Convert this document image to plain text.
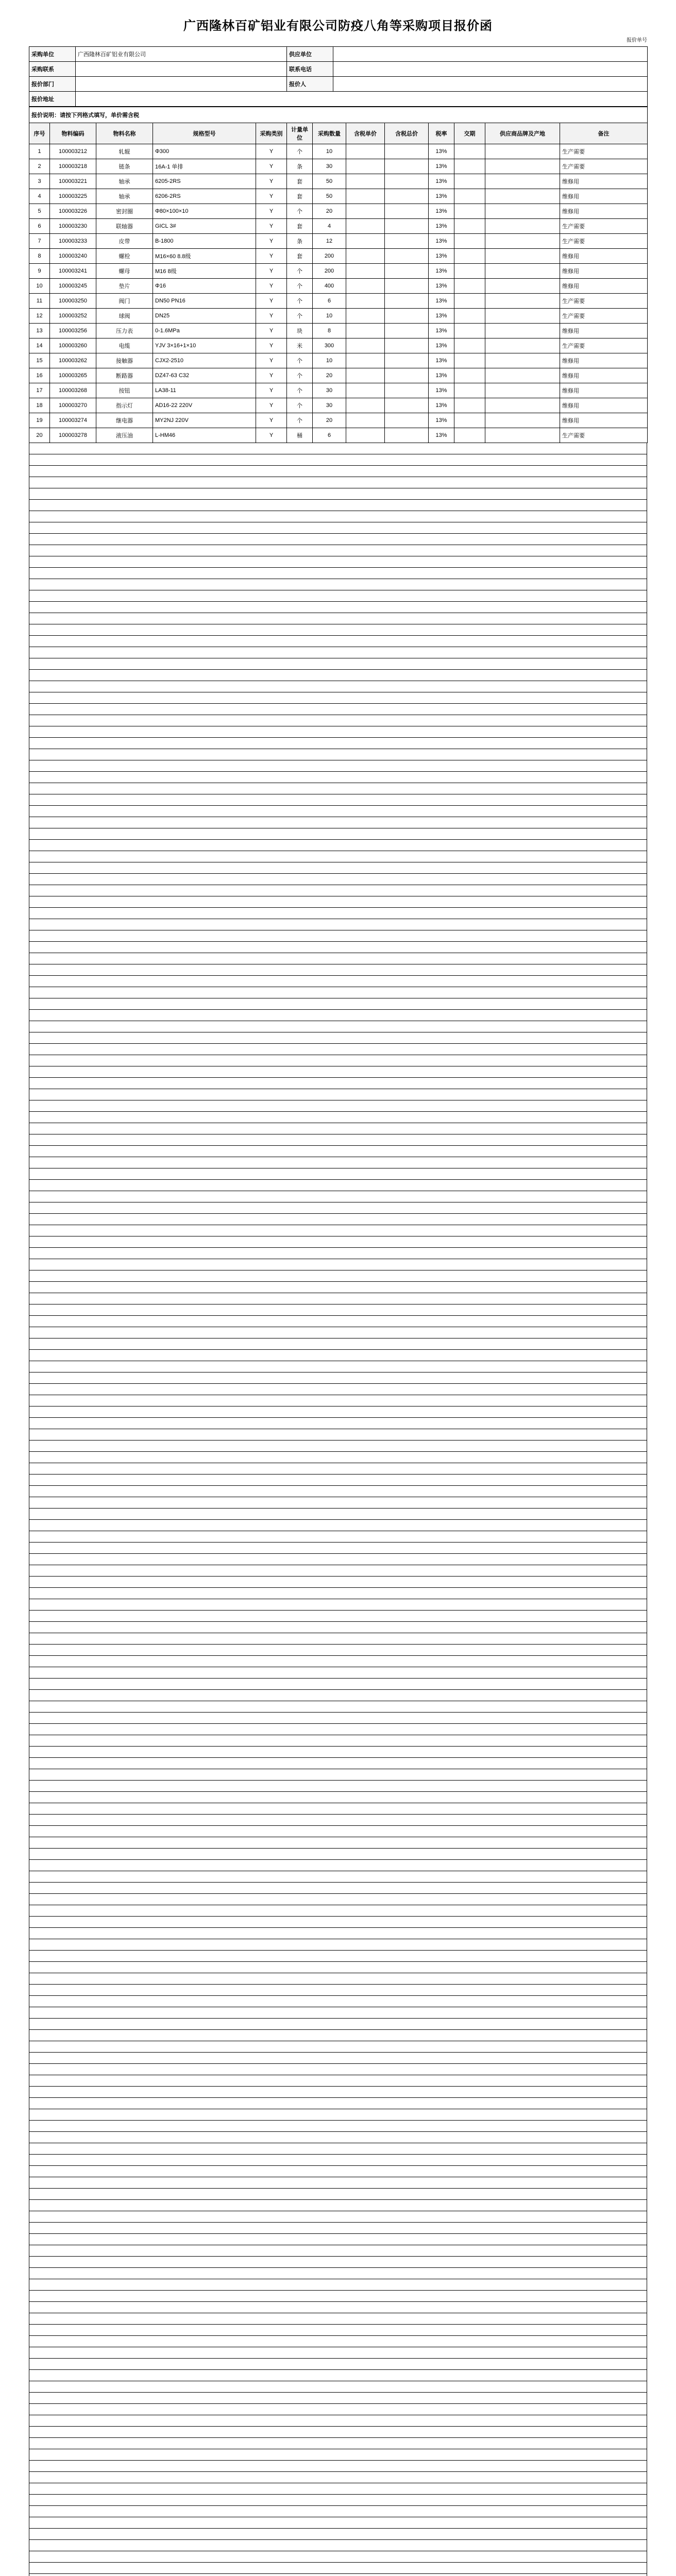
广西隆林百矿铝业有限公司防疫八角等采购项目报价函
报价单号
采购单位	广西隆林百矿铝业有限公司	供应单位	
采购联系		联系电话	
报价部门		报价人	
报价地址			
报价说明：请按下列格式填写，单价需含税												
序号	物料编码	物料名称	规格型号	采购类别	计量单位	采购数量	含税单价	含税总价	税率	交期	供应商品牌及产地	备注
1	100003212	轧辊	Φ300	Y	个	10			13%			生产需要
2	100003218	链条	16A-1 单排	Y	条	30			13%			生产需要
3	100003221	轴承	6205-2RS	Y	套	50			13%			维修用
4	100003225	轴承	6206-2RS	Y	套	50			13%			维修用
5	100003226	密封圈	Φ80×100×10	Y	个	20			13%			维修用
6	100003230	联轴器	GICL 3#	Y	套	4			13%			生产需要
7	100003233	皮带	B-1800	Y	条	12			13%			生产需要
8	100003240	螺栓	M16×60 8.8级	Y	套	200			13%			维修用
9	100003241	螺母	M16 8级	Y	个	200			13%			维修用
10	100003245	垫片	Φ16	Y	个	400			13%			维修用
11	100003250	阀门	DN50 PN16	Y	个	6			13%			生产需要
12	100003252	球阀	DN25	Y	个	10			13%			生产需要
13	100003256	压力表	0-1.6MPa	Y	块	8			13%			维修用
14	100003260	电缆	YJV 3×16+1×10	Y	米	300			13%			生产需要
15	100003262	接触器	CJX2-2510	Y	个	10			13%			维修用
16	100003265	断路器	DZ47-63 C32	Y	个	20			13%			维修用
17	100003268	按钮	LA38-11	Y	个	30			13%			维修用
18	100003270	指示灯	AD16-22 220V	Y	个	30			13%			维修用
19	100003274	继电器	MY2NJ 220V	Y	个	20			13%			维修用
20	100003278	液压油	L-HM46	Y	桶	6			13%			生产需要
